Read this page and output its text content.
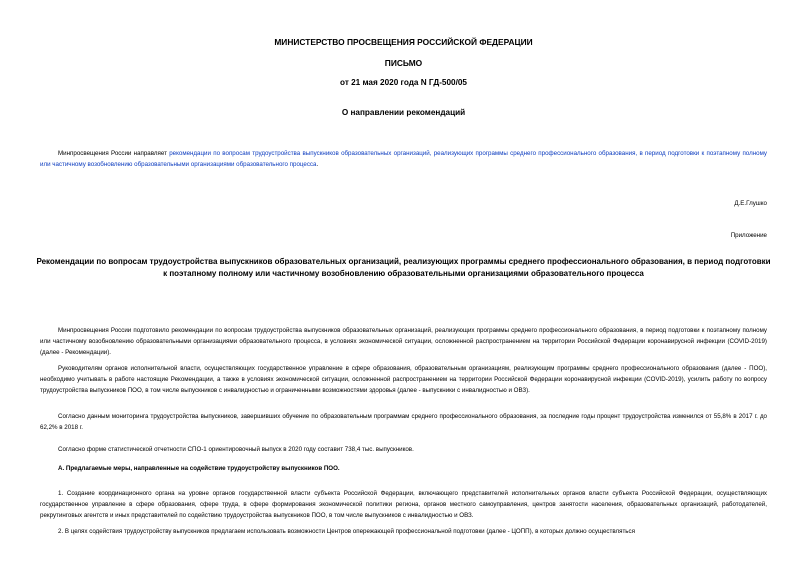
МИНИСТЕРСТВО ПРОСВЕЩЕНИЯ РОССИЙСКОЙ ФЕДЕРАЦИИ
ПИСЬМО
от 21 мая 2020 года N ГД-500/05
О направлении рекомендаций
Минпросвещения России направляет рекомендации по вопросам трудоустройства выпускников образовательных организаций, реализующих программы среднего профессионального образования, в период подготовки к поэтапному полному или частичному возобновлению образовательными организациями образовательного процесса.
Д.Е.Глушко
Приложение
Рекомендации по вопросам трудоустройства выпускников образовательных организаций, реализующих программы среднего профессионального образования, в период подготовки к поэтапному полному или частичному возобновлению образовательными организациями образовательного процесса
Минпросвещения России подготовило рекомендации по вопросам трудоустройства выпускников образовательных организаций, реализующих программы среднего профессионального образования, в период подготовки к поэтапному полному или частичному возобновлению образовательными организациями образовательного процесса, в условиях экономической ситуации, осложненной распространением на территории Российской Федерации коронавирусной инфекции (COVID-2019) (далее - Рекомендации).
Руководителям органов исполнительной власти, осуществляющих государственное управление в сфере образования, образовательным организациям, реализующим программы среднего профессионального образования (далее - ПОО), необходимо учитывать в работе настоящие Рекомендации, а также в условиях экономической ситуации, осложненной распространением на территории Российской Федерации коронавирусной инфекции (COVID-2019), усилить работу по вопросу трудоустройства выпускников ПОО, в том числе выпускников с инвалидностью и ограниченными возможностями здоровья (далее - выпускники с инвалидностью и ОВЗ).
Согласно данным мониторинга трудоустройства выпускников, завершивших обучение по образовательным программам среднего профессионального образования, за последние годы процент трудоустройства изменился от 55,8% в 2017 г. до 62,2% в 2018 г.
Согласно форме статистической отчетности СПО-1 ориентировочный выпуск в 2020 году составит 738,4 тыс. выпускников.
А. Предлагаемые меры, направленные на содействие трудоустройству выпускников ПОО.
1. Создание координационного органа на уровне органов государственной власти субъекта Российской Федерации, включающего представителей исполнительных органов власти субъекта Российской Федерации, осуществляющих государственное управление в сфере образования, сфере труда, в сфере формирования экономической политики региона, органов местного самоуправления, центров занятости населения, образовательных организаций, работодателей, рекрутинговых агентств и иных представителей по содействию трудоустройства выпускников ПОО, в том числе выпускников с инвалидностью и ОВЗ.
2. В целях содействия трудоустройству выпускников предлагаем использовать возможности Центров опережающей профессиональной подготовки (далее - ЦОПП), в которых должно осуществляться
